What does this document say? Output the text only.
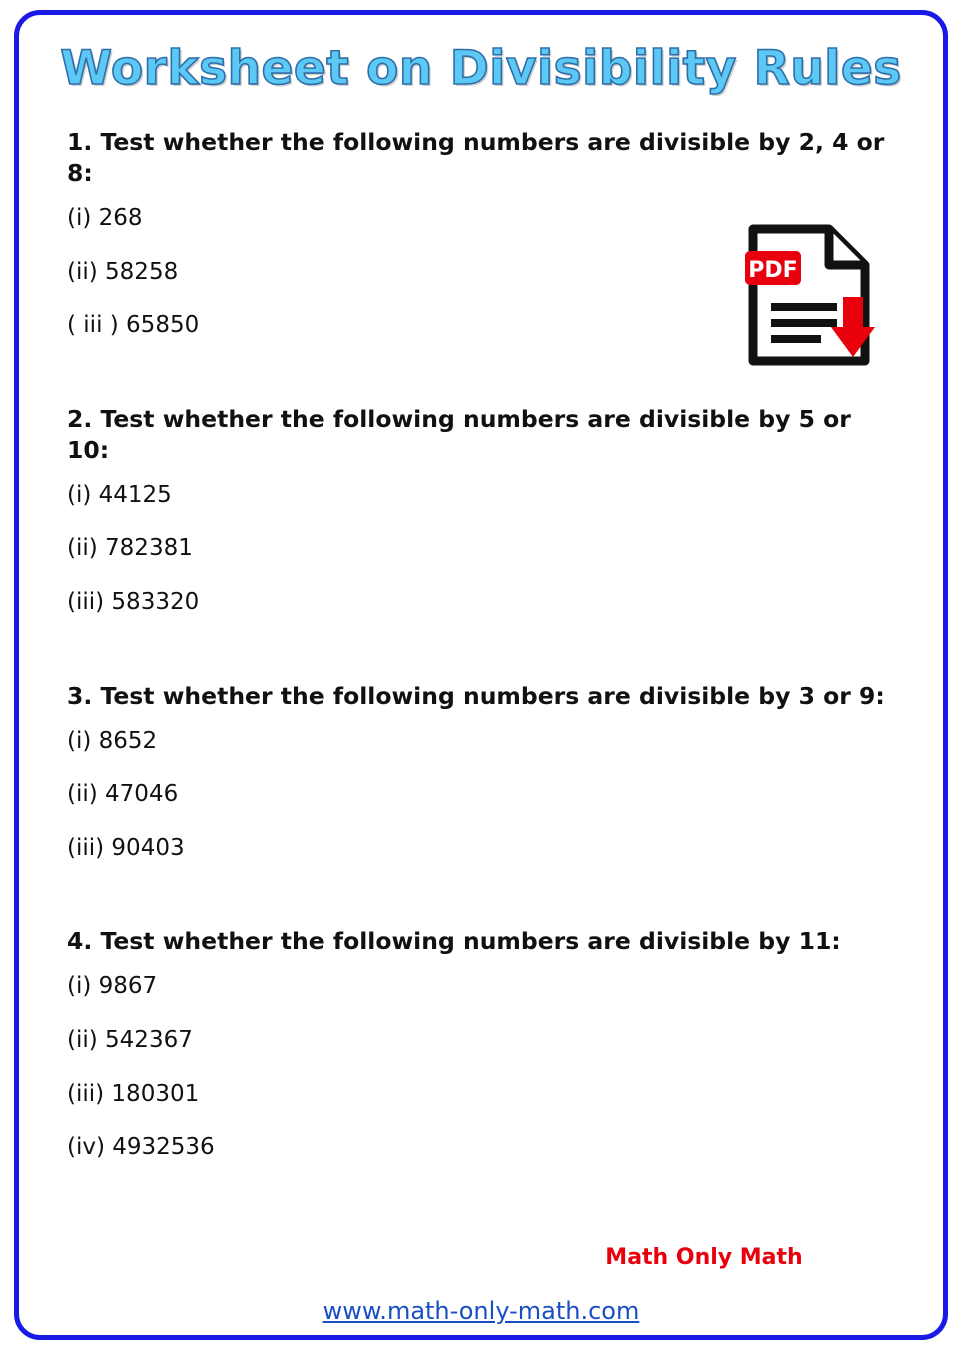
Worksheet on Divisibility Rules
1. Test whether the following numbers are divisible by 2, 4 or 8:
(i) 268
(ii) 58258
( iii ) 65850
2. Test whether the following numbers are divisible by 5 or 10:
(i) 44125
(ii) 782381
(iii) 583320
3. Test whether the following numbers are divisible by 3 or 9:
(i) 8652
(ii) 47046
(iii) 90403
4. Test whether the following numbers are divisible by 11:
(i) 9867
(ii) 542367
(iii) 180301
(iv) 4932536
PDF
Math Only Math
www.math-only-math.com
